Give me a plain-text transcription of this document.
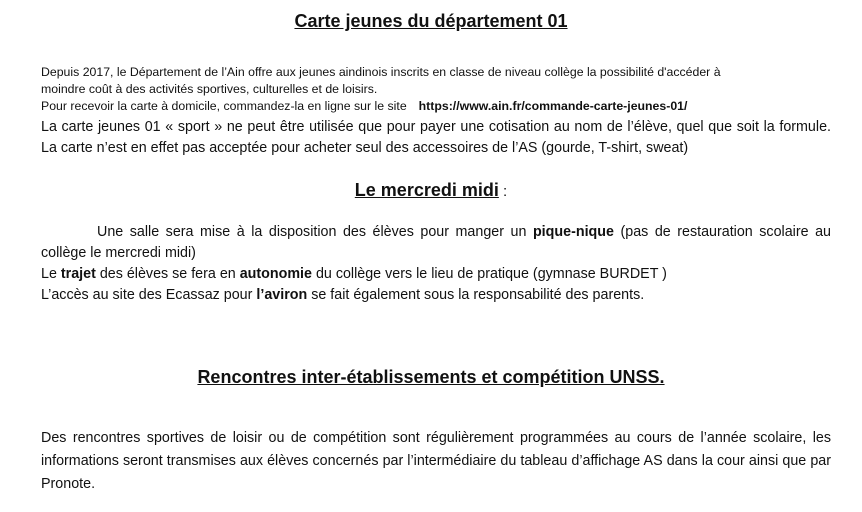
Carte jeunes du département 01

Depuis 2017, le Département de l’Ain offre aux jeunes aindinois inscrits en classe de niveau collège la possibilité d'accéder à
moindre coût à des activités sportives, culturelles et de loisirs.
Pour recevoir la carte à domicile, commandez-la en ligne sur le site https://www.ain.fr/commande-carte-jeunes-01/

La carte jeunes 01 « sport » ne peut être utilisée que pour payer une cotisation au nom de l’élève, quel que soit la formule. La carte n’est en effet pas acceptée pour acheter seul des accessoires de l’AS (gourde, T-shirt, sweat)

Le mercredi midi :

Une salle sera mise à la disposition des élèves pour manger un pique-nique (pas de restauration scolaire au collège le mercredi midi)
Le trajet des élèves se fera en autonomie du collège vers le lieu de pratique (gymnase BURDET )
L’accès au site des Ecassaz pour l’aviron se fait également sous la responsabilité des parents.

Rencontres inter-établissements et compétition UNSS.

Des rencontres sportives de loisir ou de compétition sont régulièrement programmées au cours de l’année scolaire, les informations seront transmises aux élèves concernés par l’intermédiaire du tableau d’affichage AS dans la cour ainsi que par Pronote.
